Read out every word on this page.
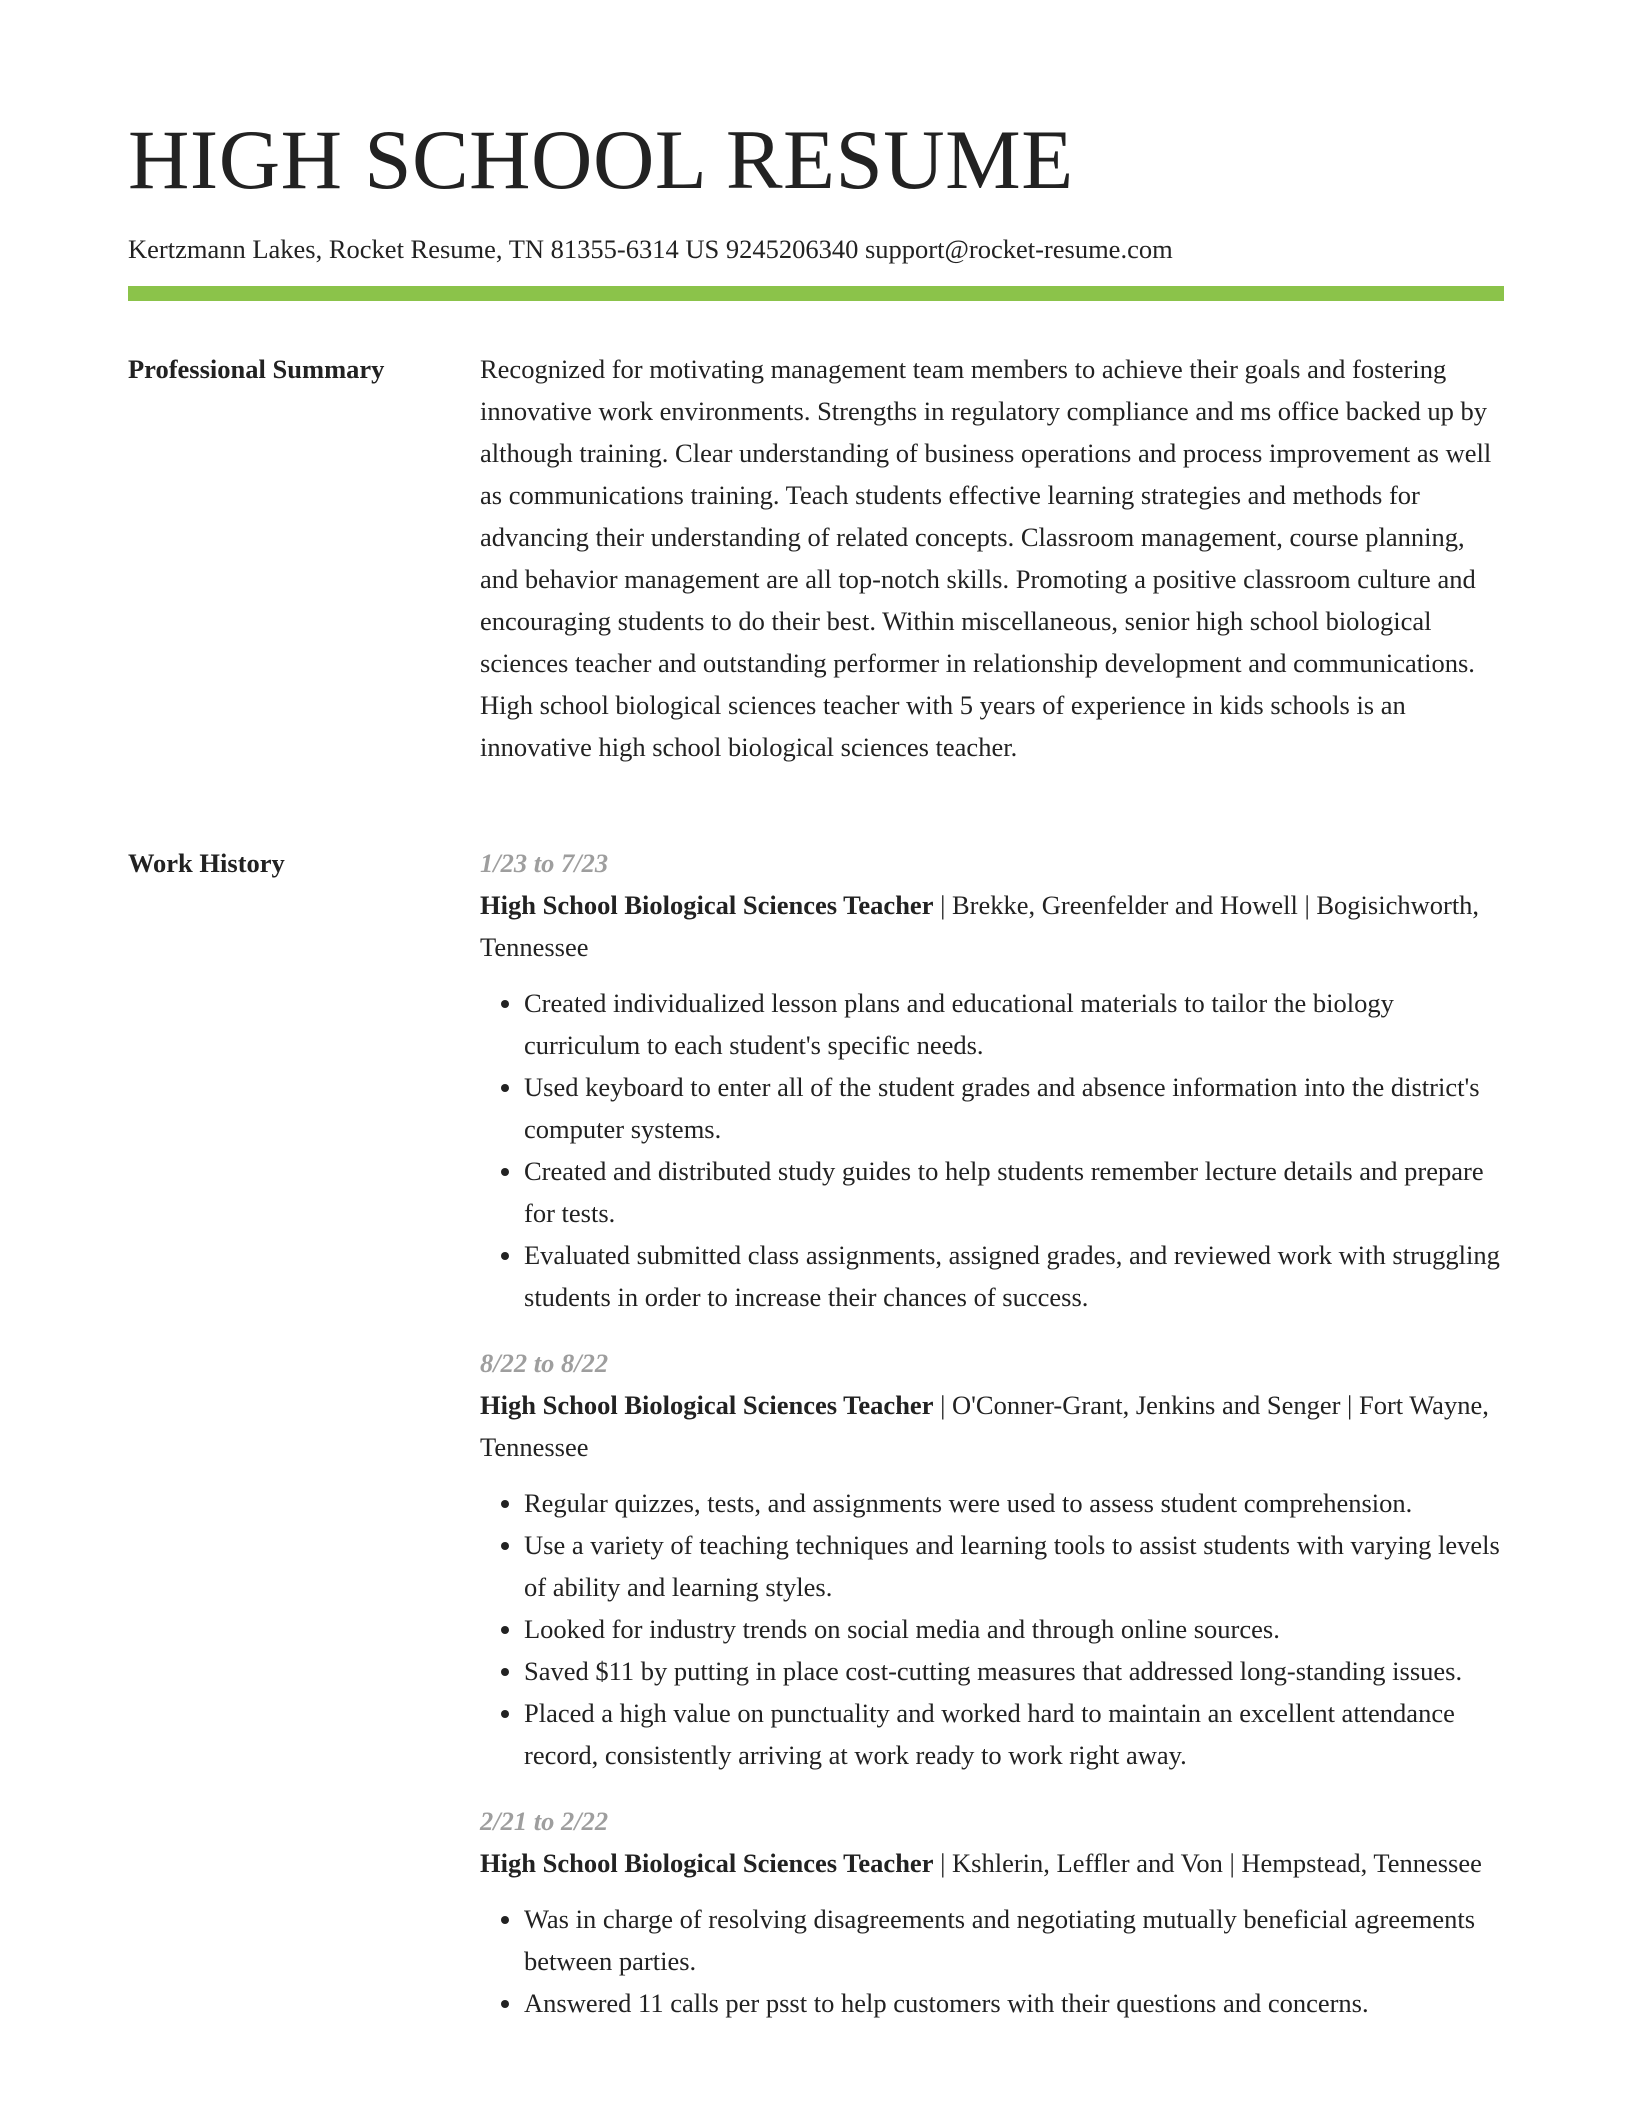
HIGH SCHOOL RESUME
Kertzmann Lakes, Rocket Resume, TN 81355-6314 US 9245206340 support@rocket-resume.com
Professional Summary	Recognized for motivating management team members to achieve their goals and fostering innovative work environments. Strengths in regulatory compliance and ms office backed up by although training. Clear understanding of business operations and process improvement as well as communications training. Teach students effective learning strategies and methods for advancing their understanding of related concepts. Classroom management, course planning, and behavior management are all top-notch skills. Promoting a positive classroom culture and encouraging students to do their best. Within miscellaneous, senior high school biological sciences teacher and outstanding performer in relationship development and communications. High school biological sciences teacher with 5 years of experience in kids schools is an innovative high school biological sciences teacher.

Work History	1/23 to 7/23
High School Biological Sciences Teacher | Brekke, Greenfelder and Howell | Bogisichworth, Tennessee
• Created individualized lesson plans and educational materials to tailor the biology curriculum to each student's specific needs.
• Used keyboard to enter all of the student grades and absence information into the district's computer systems.
• Created and distributed study guides to help students remember lecture details and prepare for tests.
• Evaluated submitted class assignments, assigned grades, and reviewed work with struggling students in order to increase their chances of success.
8/22 to 8/22
High School Biological Sciences Teacher | O'Conner-Grant, Jenkins and Senger | Fort Wayne, Tennessee
• Regular quizzes, tests, and assignments were used to assess student comprehension.
• Use a variety of teaching techniques and learning tools to assist students with varying levels of ability and learning styles.
• Looked for industry trends on social media and through online sources.
• Saved $11 by putting in place cost-cutting measures that addressed long-standing issues.
• Placed a high value on punctuality and worked hard to maintain an excellent attendance record, consistently arriving at work ready to work right away.
2/21 to 2/22
High School Biological Sciences Teacher | Kshlerin, Leffler and Von | Hempstead, Tennessee
• Was in charge of resolving disagreements and negotiating mutually beneficial agreements between parties.
• Answered 11 calls per psst to help customers with their questions and concerns.
